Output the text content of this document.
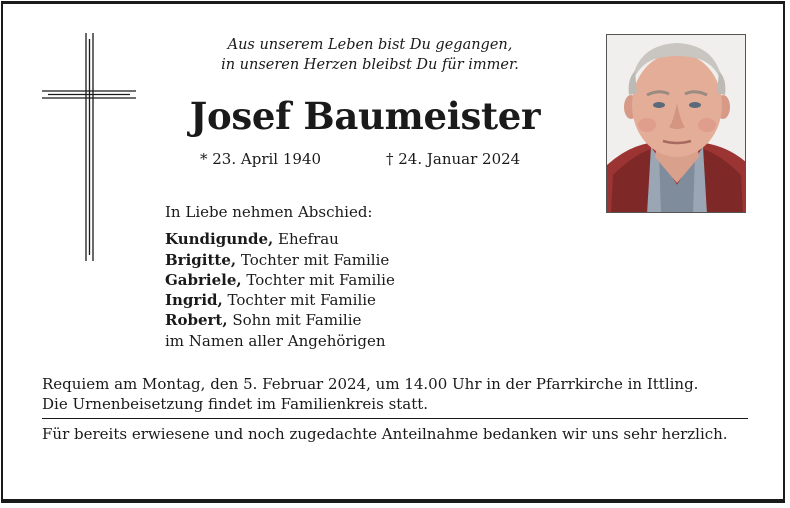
Aus unserem Leben bist Du gegangen,
in unseren Herzen bleibst Du für immer.
Josef Baumeister
* 23. April 1940	† 24. Januar 2024
In Liebe nehmen Abschied:
Kundigunde, Ehefrau
Brigitte, Tochter mit Familie
Gabriele, Tochter mit Familie
Ingrid, Tochter mit Familie
Robert, Sohn mit Familie
im Namen aller Angehörigen
Requiem am Montag, den 5. Februar 2024, um 14.00 Uhr in der Pfarrkirche in Ittling.
Die Urnenbeisetzung findet im Familienkreis statt.
Für bereits erwiesene und noch zugedachte Anteilnahme bedanken wir uns sehr herzlich.
